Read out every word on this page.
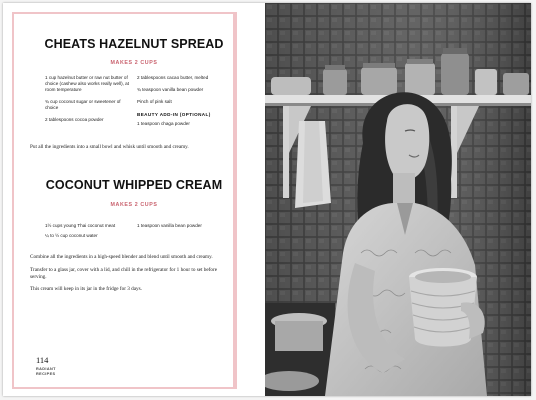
CHEATS HAZELNUT SPREAD
MAKES 2 CUPS

1 cup hazelnut butter or raw nut butter of choice (cashew also works really well), at room temperature

¾ cup coconut sugar or sweetener of choice

2 tablespoons cocoa powder

2 tablespoons cacao butter, melted

¾ teaspoon vanilla bean powder

Pinch of pink salt

BEAUTY ADD-IN (OPTIONAL)

1 teaspoon chaga powder

Put all the ingredients into a small bowl and whisk until smooth and creamy.

COCONUT WHIPPED CREAM
MAKES 2 CUPS

1½ cups young Thai coconut meat

¼ to ½ cup coconut water

1 teaspoon vanilla bean powder

Combine all the ingredients in a high-speed blender and blend until smooth and creamy.

Transfer to a glass jar, cover with a lid, and chill in the refrigerator for 1 hour to set before serving.

This cream will keep in its jar in the fridge for 3 days.

114
RADIANT
RECIPES
